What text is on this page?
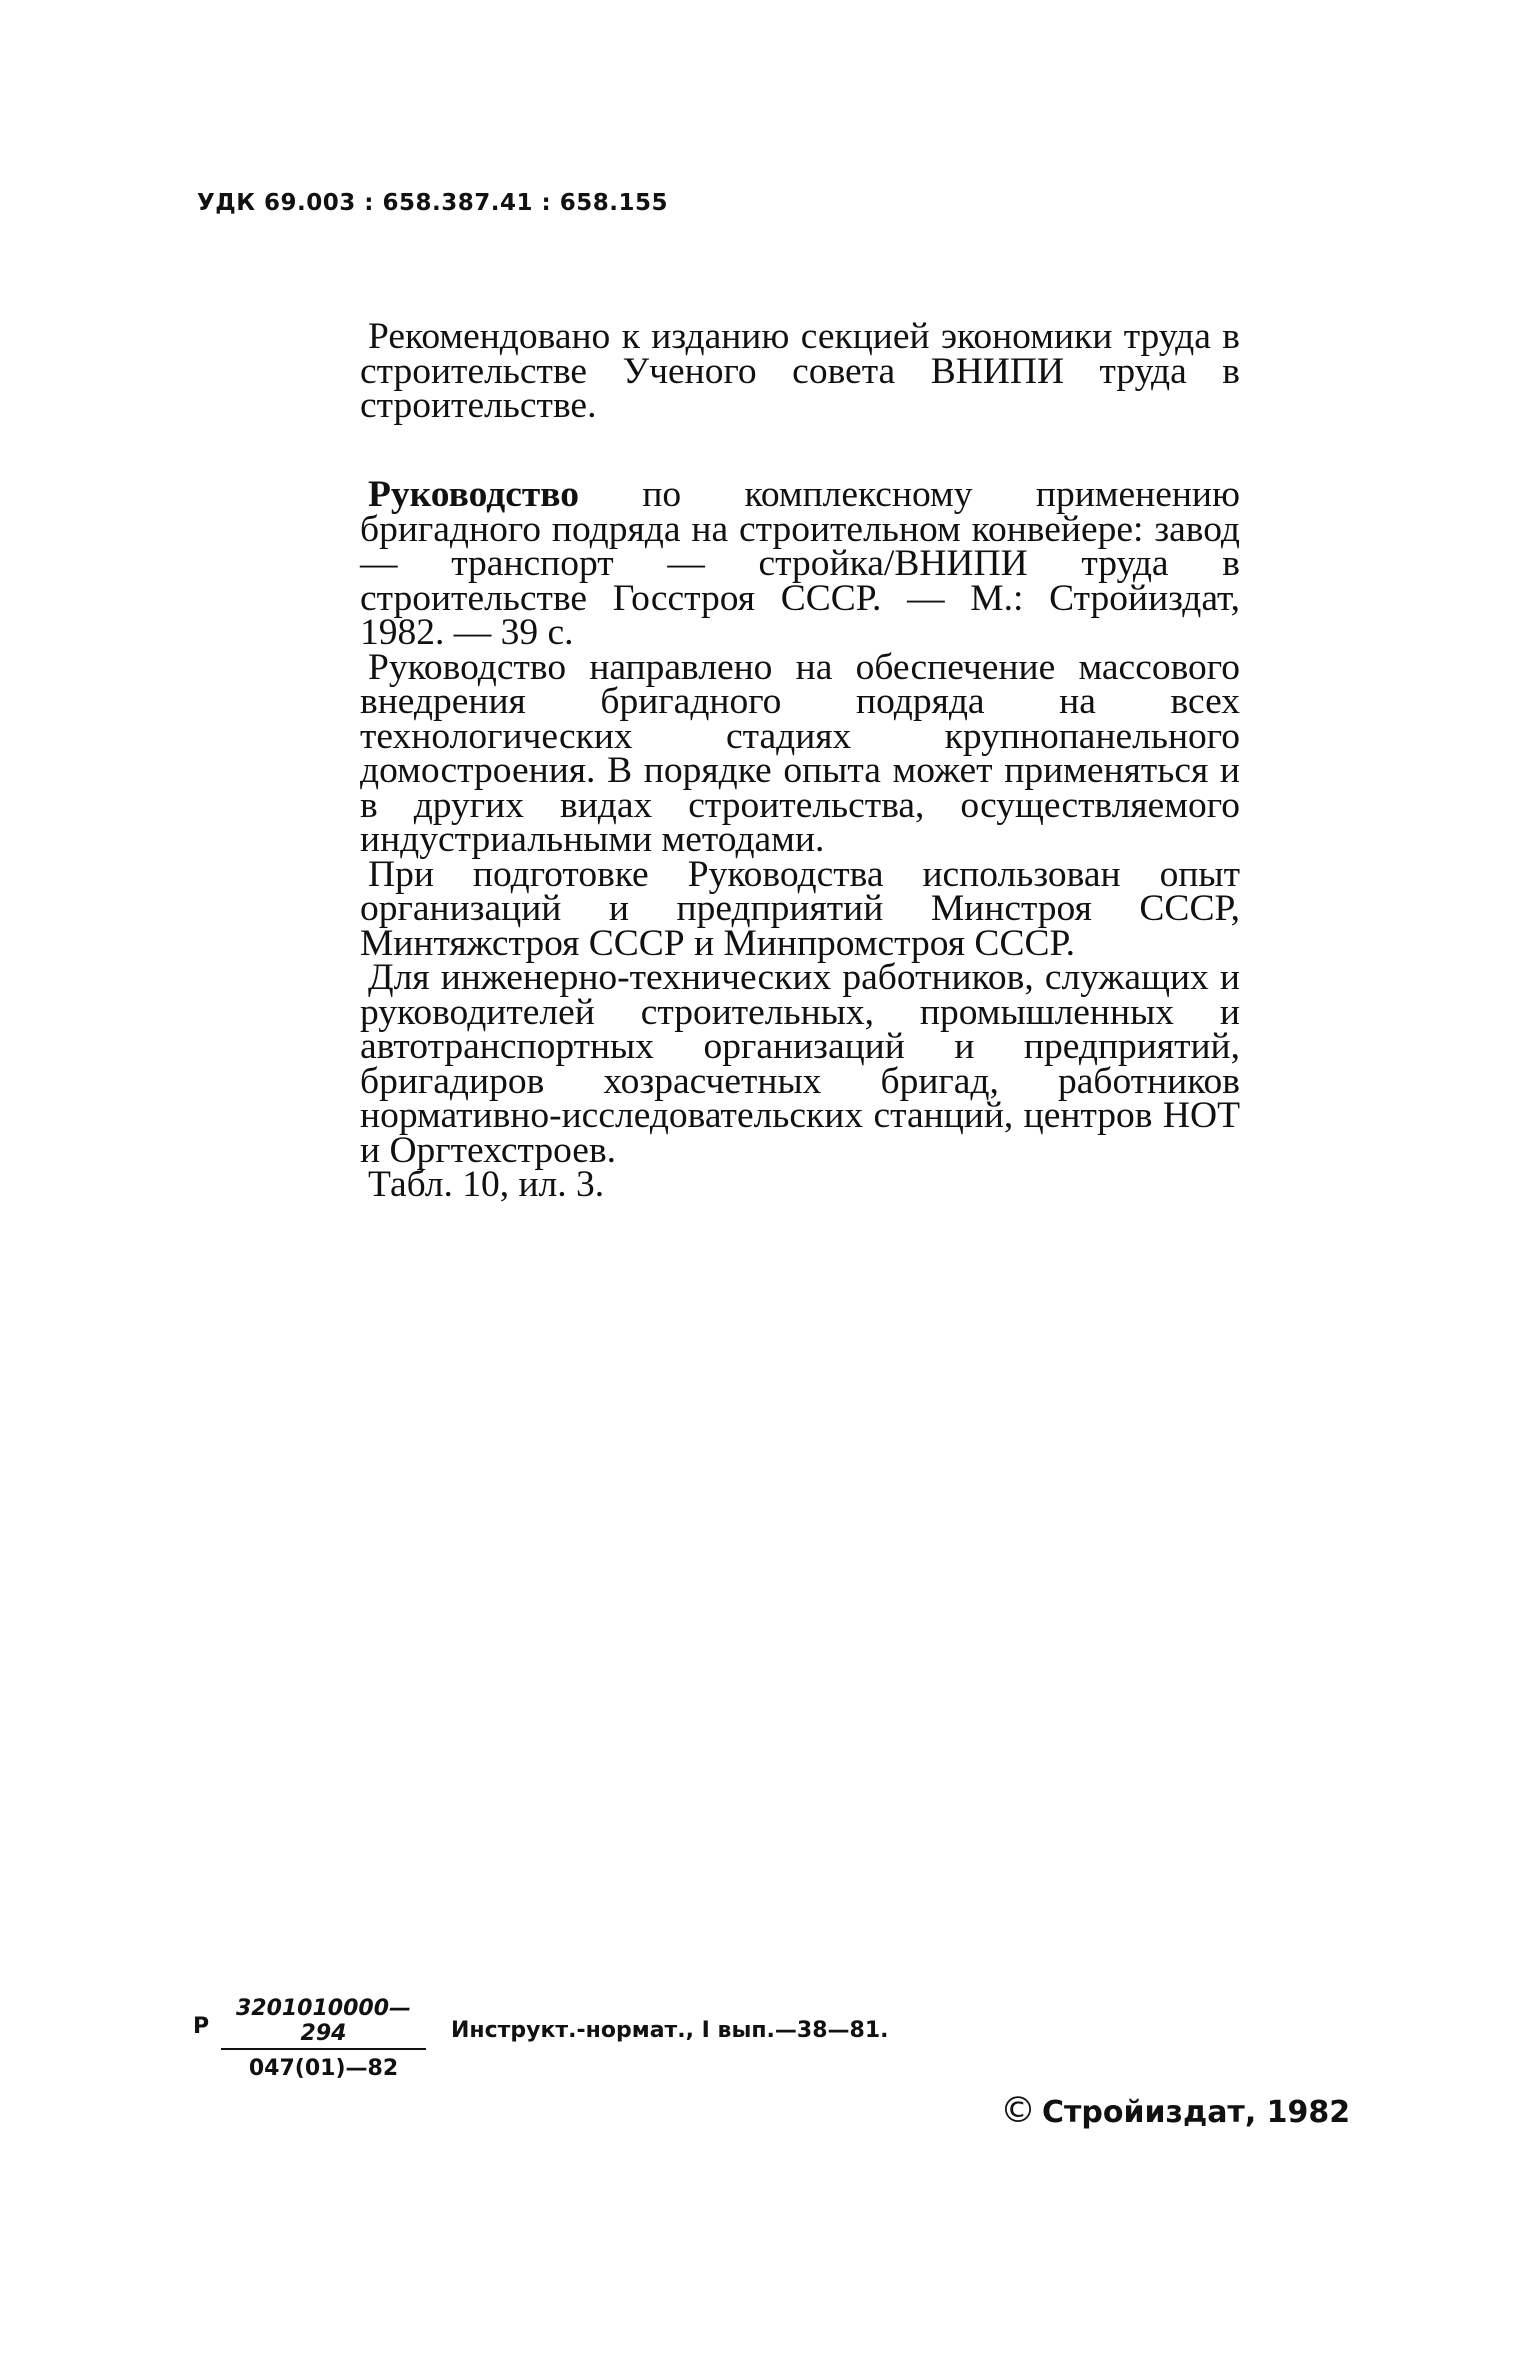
УДК 69.003 : 658.387.41 : 658.155

Рекомендовано к изданию секцией экономики труда в строительстве Ученого совета ВНИПИ труда в строительстве.

Руководство по комплексному применению бригадного подряда на строительном конвейере: завод — транспорт — стройка/ВНИПИ труда в строительстве Госстроя СССР. — М.: Стройиздат, 1982. — 39 с.

Руководство направлено на обеспечение массового внедрения бригадного подряда на всех технологических стадиях крупнопанельного домостроения. В порядке опыта может применяться и в других видах строительства, осуществляемого индустриальными методами.

При подготовке Руководства использован опыт организаций и предприятий Минстроя СССР, Минтяжстроя СССР и Минпромстроя СССР.

Для инженерно-технических работников, служащих и руководителей строительных, промышленных и автотранспортных организаций и предприятий, бригадиров хозрасчетных бригад, работников нормативно-исследовательских станций, центров НОТ и Оргтехстроев.

Табл. 10, ил. 3.

Р $\frac{3201010000—294}{047(01)—82}$ Инструкт.-нормат., I вып.—38—81.
© Стройиздат, 1982
